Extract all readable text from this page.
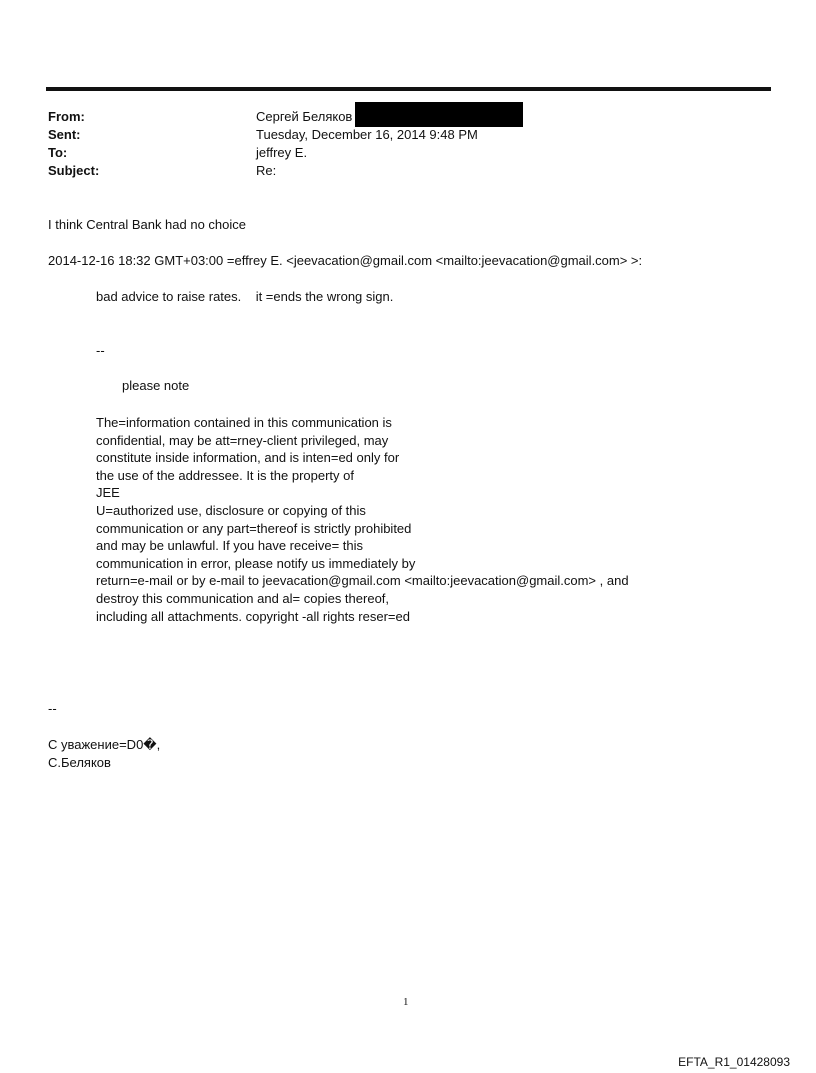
From:	Сергей Беляков
Sent:	Tuesday, December 16, 2014 9:48 PM
To:	jeffrey E.
Subject:	Re:
I think Central Bank had no choice
2014-12-16 18:32 GMT+03:00 =effrey E. <jeevacation@gmail.com <mailto:jeevacation@gmail.com> >:
bad advice to raise rates.    it =ends the wrong sign.
--
please note
The=information contained in this communication is
confidential, may be att=rney-client privileged, may
constitute inside information, and is inten=ed only for
the use of the addressee. It is the property of
JEE
U=authorized use, disclosure or copying of this
communication or any part=thereof is strictly prohibited
and may be unlawful. If you have receive= this
communication in error, please notify us immediately by
return=e-mail or by e-mail to jeevacation@gmail.com <mailto:jeevacation@gmail.com> , and
destroy this communication and al= copies thereof,
including all attachments. copyright -all rights reser=ed
--
С уважение=D0�,
С.Беляков
1
EFTA_R1_01428093
